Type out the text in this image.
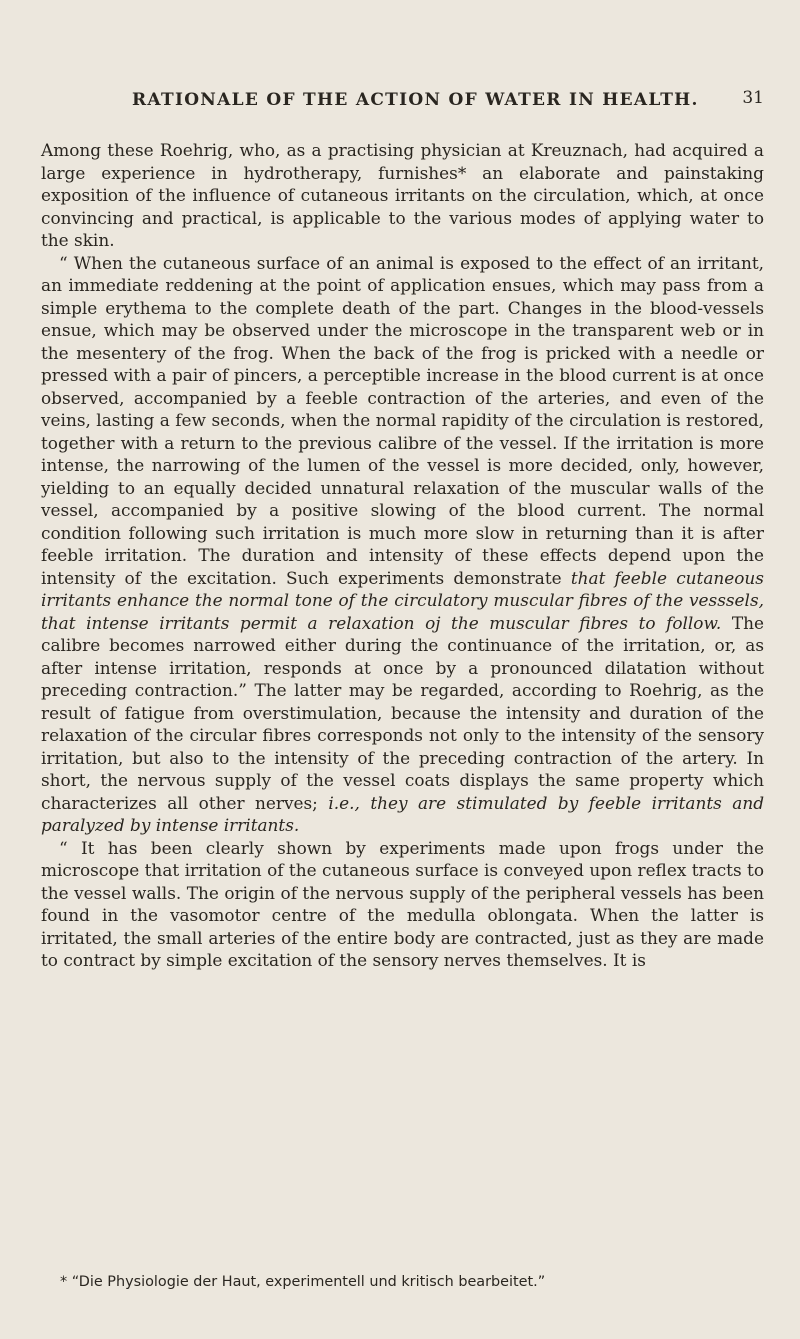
RATIONALE OF THE ACTION OF WATER IN HEALTH.	31

Among these Roehrig, who, as a practising physician at Kreuznach, had acquired a large experience in hydrotherapy, furnishes* an elaborate and painstaking exposition of the influence of cutaneous irritants on the circulation, which, at once convincing and practical, is applicable to the various modes of applying water to the skin.

“ When the cutaneous surface of an animal is exposed to the effect of an irritant, an immediate reddening at the point of application ensues, which may pass from a simple erythema to the complete death of the part. Changes in the blood-vessels ensue, which may be observed under the microscope in the transparent web or in the mesentery of the frog. When the back of the frog is pricked with a needle or pressed with a pair of pincers, a perceptible increase in the blood current is at once observed, accompanied by a feeble contraction of the arteries, and even of the veins, lasting a few seconds, when the normal rapidity of the circulation is restored, together with a return to the previous calibre of the vessel. If the irritation is more intense, the narrowing of the lumen of the vessel is more decided, only, however, yielding to an equally decided unnatural relaxation of the muscular walls of the vessel, accompanied by a positive slowing of the blood current. The normal condition following such irritation is much more slow in returning than it is after feeble irritation. The duration and intensity of these effects depend upon the intensity of the excitation. Such experiments demonstrate that feeble cutaneous irritants enhance the normal tone of the circulatory muscular fibres of the vesssels, that intense irritants permit a relaxation oj the muscular fibres to follow. The calibre becomes narrowed either during the continuance of the irritation, or, as after intense irritation, responds at once by a pronounced dilatation without preceding contraction.” The latter may be regarded, according to Roehrig, as the result of fatigue from overstimulation, because the intensity and duration of the relaxation of the circular fibres corresponds not only to the intensity of the sensory irritation, but also to the intensity of the preceding contraction of the artery. In short, the nervous supply of the vessel coats displays the same property which characterizes all other nerves; i.e., they are stimulated by feeble irritants and paralyzed by intense irritants.

“ It has been clearly shown by experiments made upon frogs under the microscope that irritation of the cutaneous surface is conveyed upon reflex tracts to the vessel walls. The origin of the nervous supply of the peripheral vessels has been found in the vasomotor centre of the medulla oblongata. When the latter is irritated, the small arteries of the entire body are contracted, just as they are made to contract by simple excitation of the sensory nerves themselves. It is

* “Die Physiologie der Haut, experimentell und kritisch bearbeitet.”
